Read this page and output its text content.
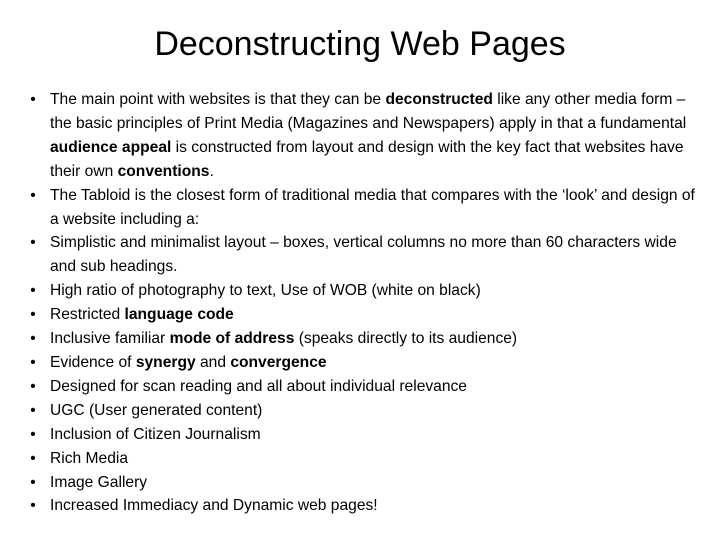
Deconstructing Web Pages
• The main point with websites is that they can be deconstructed like any other media form – the basic principles of Print Media (Magazines and Newspapers) apply in that a fundamental audience appeal is constructed from layout and design with the key fact that websites have their own conventions.
• The Tabloid is the closest form of traditional media that compares with the ‘look’ and design of a website including a:
• Simplistic and minimalist layout – boxes, vertical columns no more than 60 characters wide and sub headings.
• High ratio of photography to text, Use of WOB (white on black)
• Restricted language code
• Inclusive familiar mode of address (speaks directly to its audience)
• Evidence of synergy and convergence
• Designed for scan reading and all about individual relevance
• UGC (User generated content)
• Inclusion of Citizen Journalism
• Rich Media
• Image Gallery
• Increased Immediacy and Dynamic web pages!
